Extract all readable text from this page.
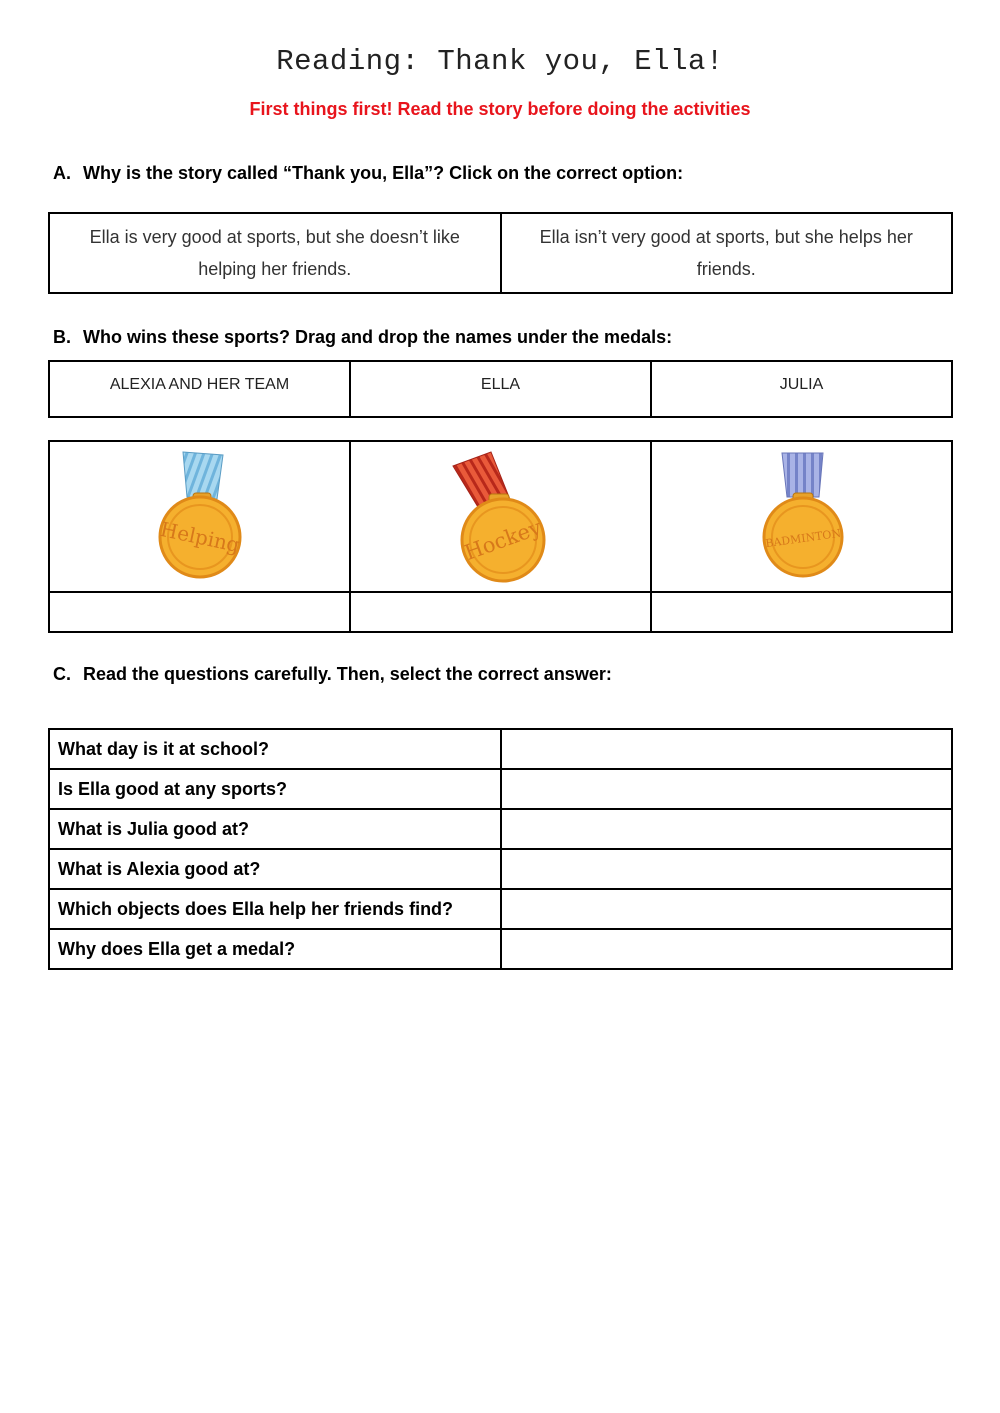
Reading: Thank you, Ella!
First things first! Read the story before doing the activities
A. Why is the story called “Thank you, Ella”? Click on the correct option:
Ella is very good at sports, but she doesn’t like helping her friends.	Ella isn’t very good at sports, but she helps her friends.
B. Who wins these sports? Drag and drop the names under the medals:
ALEXIA AND HER TEAM	ELLA	JULIA
Helping	Hockey	BADMINTON

C. Read the questions carefully. Then, select the correct answer:
What day is it at school?	
Is Ella good at any sports?	
What is Julia good at?	
What is Alexia good at?	
Which objects does Ella help her friends find?	
Why does Ella get a medal?	
